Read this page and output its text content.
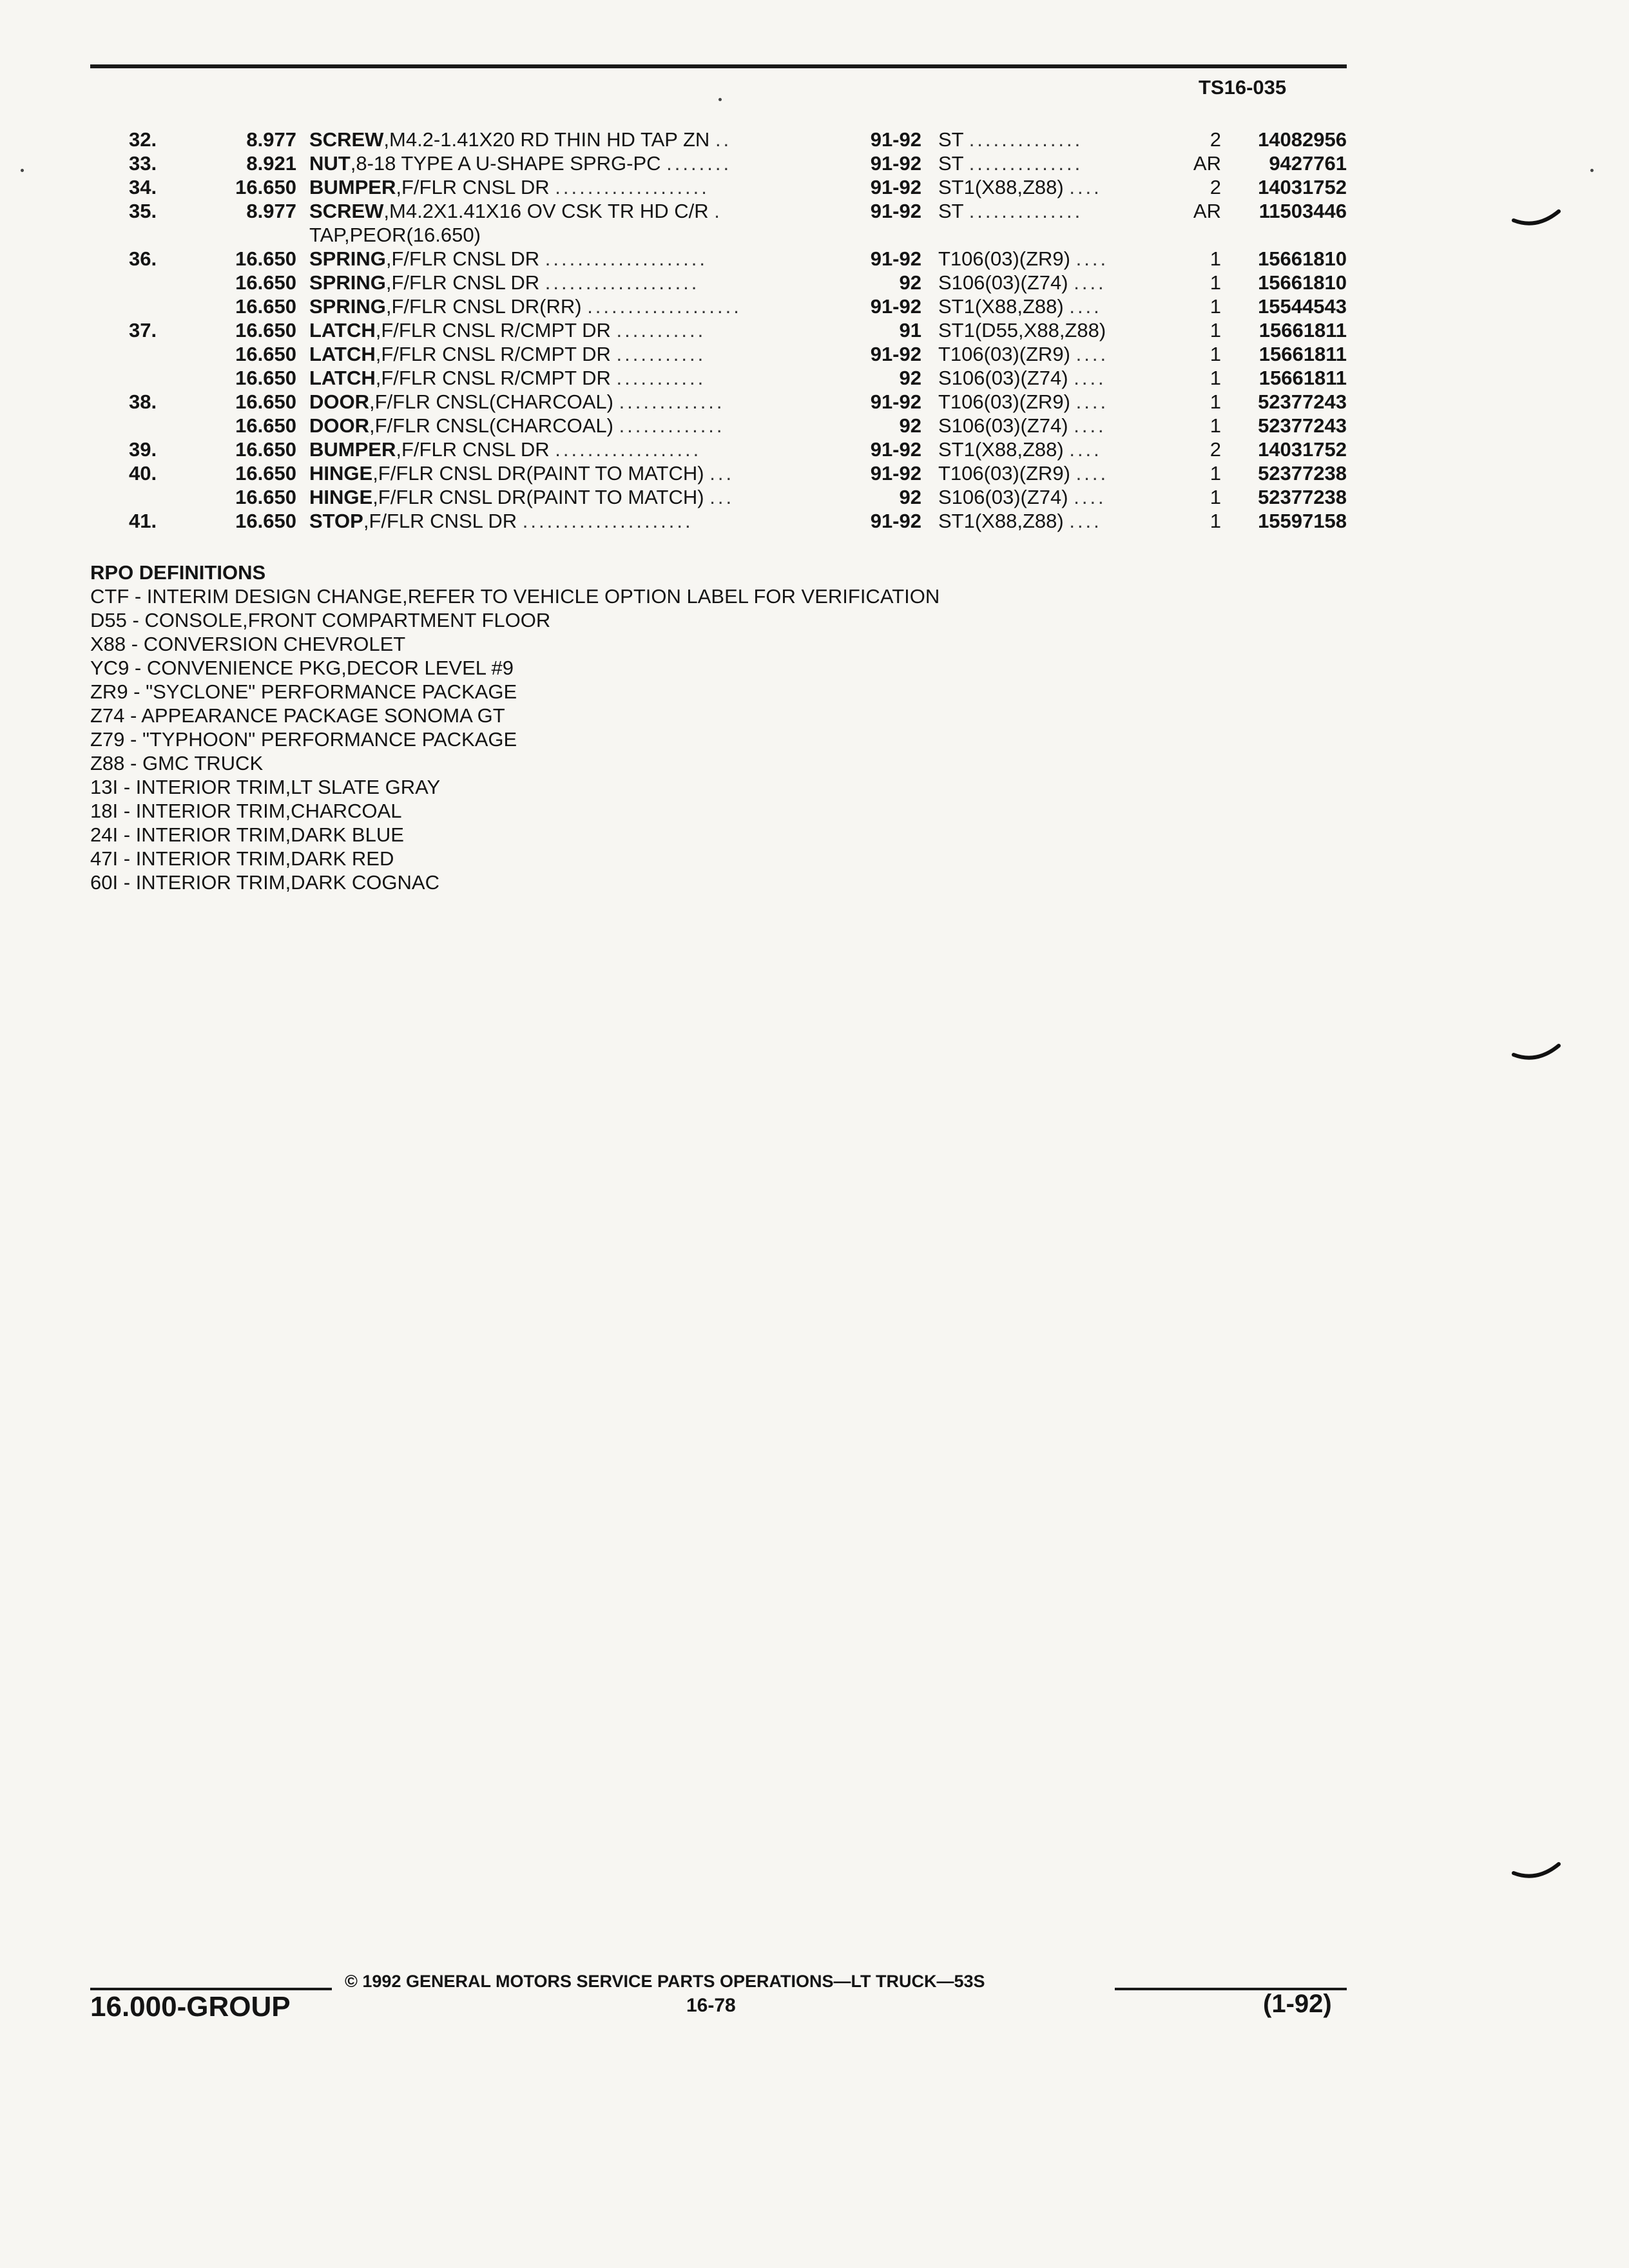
TS16-035
32.	8.977 SCREW,M4.2-1.41X20 RD THIN HD TAP ZN ..	91-92 ST ..............	2	14082956
33.	8.921 NUT,8-18 TYPE A U-SHAPE SPRG-PC ........	91-92 ST ..............	AR	9427761
34.	16.650 BUMPER,F/FLR CNSL DR ...................	91-92 ST1(X88,Z88) ....	2	14031752
35.	8.977 SCREW,M4.2X1.41X16 OV CSK TR HD C/R .	91-92 ST ..............	AR	11503446
TAP,PEOR(16.650)
36.	16.650 SPRING,F/FLR CNSL DR ....................	91-92 T106(03)(ZR9) ....	1	15661810
16.650 SPRING,F/FLR CNSL DR ...................	92 S106(03)(Z74) ....	1	15661810
16.650 SPRING,F/FLR CNSL DR(RR) ...................	91-92 ST1(X88,Z88) ....	1	15544543
37.	16.650 LATCH,F/FLR CNSL R/CMPT DR ...........	91 ST1(D55,X88,Z88)	1	15661811
16.650 LATCH,F/FLR CNSL R/CMPT DR ...........	91-92 T106(03)(ZR9) ....	1	15661811
16.650 LATCH,F/FLR CNSL R/CMPT DR ...........	92 S106(03)(Z74) ....	1	15661811
38.	16.650 DOOR,F/FLR CNSL(CHARCOAL) .............	91-92 T106(03)(ZR9) ....	1	52377243
16.650 DOOR,F/FLR CNSL(CHARCOAL) .............	92 S106(03)(Z74) ....	1	52377243
39.	16.650 BUMPER,F/FLR CNSL DR ..................	91-92 ST1(X88,Z88) ....	2	14031752
40.	16.650 HINGE,F/FLR CNSL DR(PAINT TO MATCH) ...	91-92 T106(03)(ZR9) ....	1	52377238
16.650 HINGE,F/FLR CNSL DR(PAINT TO MATCH) ...	92 S106(03)(Z74) ....	1	52377238
41.	16.650 STOP,F/FLR CNSL DR .....................	91-92 ST1(X88,Z88) ....	1	15597158
RPO DEFINITIONS
CTF - INTERIM DESIGN CHANGE,REFER TO VEHICLE OPTION LABEL FOR VERIFICATION
D55 - CONSOLE,FRONT COMPARTMENT FLOOR
X88 - CONVERSION CHEVROLET
YC9 - CONVENIENCE PKG,DECOR LEVEL #9
ZR9 - "SYCLONE" PERFORMANCE PACKAGE
Z74 - APPEARANCE PACKAGE SONOMA GT
Z79 - "TYPHOON" PERFORMANCE PACKAGE
Z88 - GMC TRUCK
13I - INTERIOR TRIM,LT SLATE GRAY
18I - INTERIOR TRIM,CHARCOAL
24I - INTERIOR TRIM,DARK BLUE
47I - INTERIOR TRIM,DARK RED
60I - INTERIOR TRIM,DARK COGNAC
© 1992 GENERAL MOTORS SERVICE PARTS OPERATIONS—LT TRUCK—53S
16.000-GROUP	16-78	(1-92)
